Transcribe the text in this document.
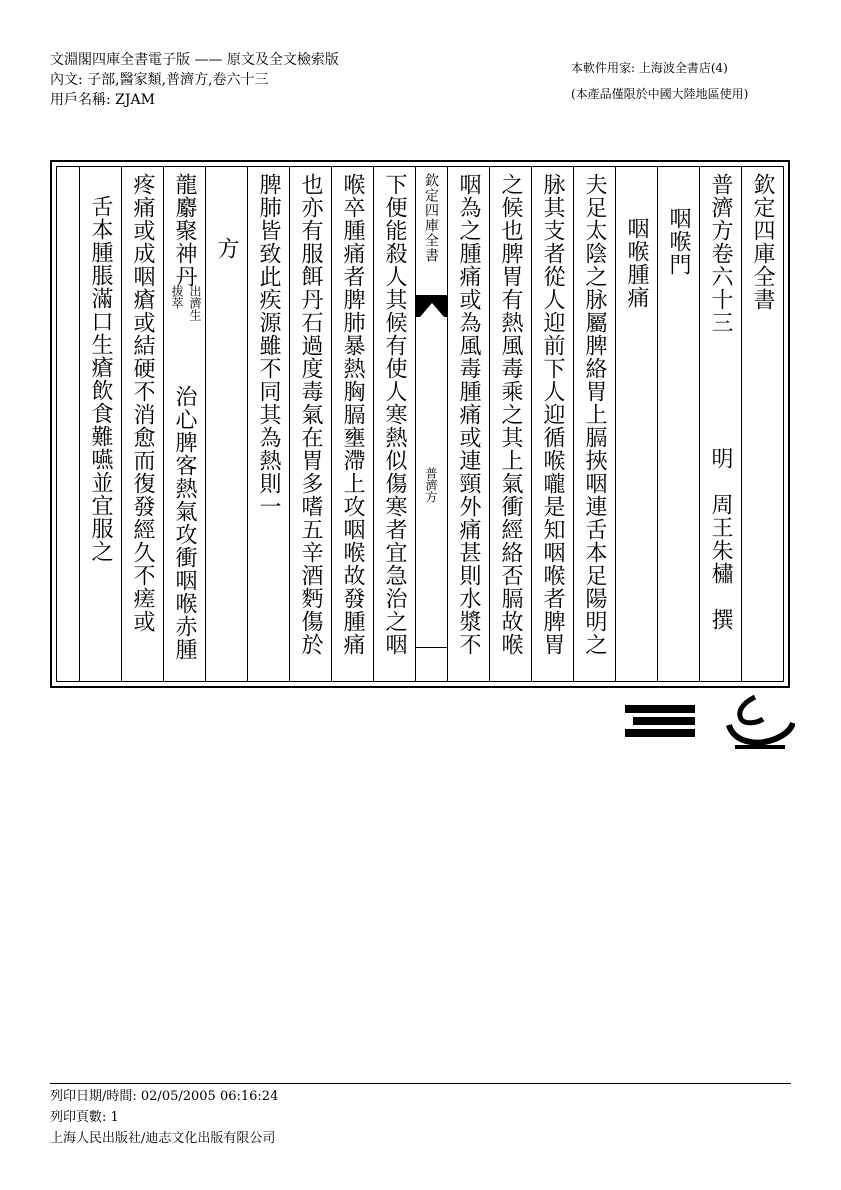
文淵閣四庫全書電子版 —— 原文及全文檢索版
內文: 子部,醫家類,普濟方,卷六十三
用戶名稱: ZJAM
本軟件用家: 上海波全書店(4)
(本產品僅限於中國大陸地區使用)
欽定四庫全書
普濟方卷六十三
明　周王朱橚　撰
咽喉門
咽喉腫痛
夫足太陰之脉屬脾絡胃上膈挾咽連舌本足陽明之
脉其支者從人迎前下人迎循喉嚨是知咽喉者脾胃
之候也脾胃有熱風毒乘之其上氣衝經絡否膈故喉
咽為之腫痛或為風毒腫痛或連頸外痛甚則水漿不
欽定四庫全書
普濟方
下便能殺人其候有使人寒熱似傷寒者宜急治之咽
喉卒腫痛者脾肺暴熱胸膈壅滯上攻咽喉故發腫痛
也亦有服餌丹石過度毒氣在胃多嗜五辛酒麪傷於
脾肺皆致此疾源雖不同其為熱則一
方
龍麝聚神丹
出濟生
拔萃
治心脾客熱氣攻衝咽喉赤腫
疼痛或成咽瘡或結硬不消愈而復發經久不瘥或
舌本腫脹滿口生瘡飲食難嚥並宜服之
列印日期/時間: 02/05/2005 06:16:24
列印頁數: 1
上海人民出版社/迪志文化出版有限公司
